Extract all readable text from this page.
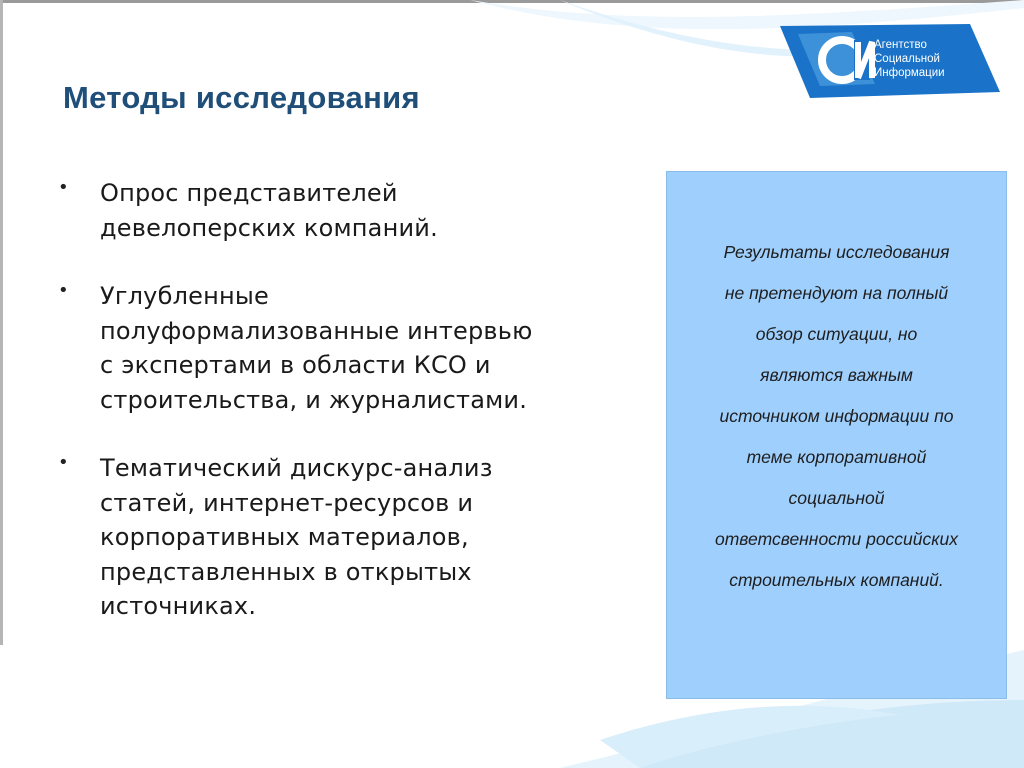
Агентство
Социальной
Информации
Методы исследования
• Опрос представителей
девелоперских компаний.
• Углубленные
полуформализованные интервью
с экспертами в области КСО и
строительства, и журналистами.
• Тематический дискурс-анализ
статей, интернет-ресурсов и
корпоративных материалов,
представленных в открытых
источниках.
Результаты исследования
не претендуют на полный
обзор ситуации, но
являются важным
источником информации по
теме корпоративной
социальной
ответсвенности российских
строительных компаний.
